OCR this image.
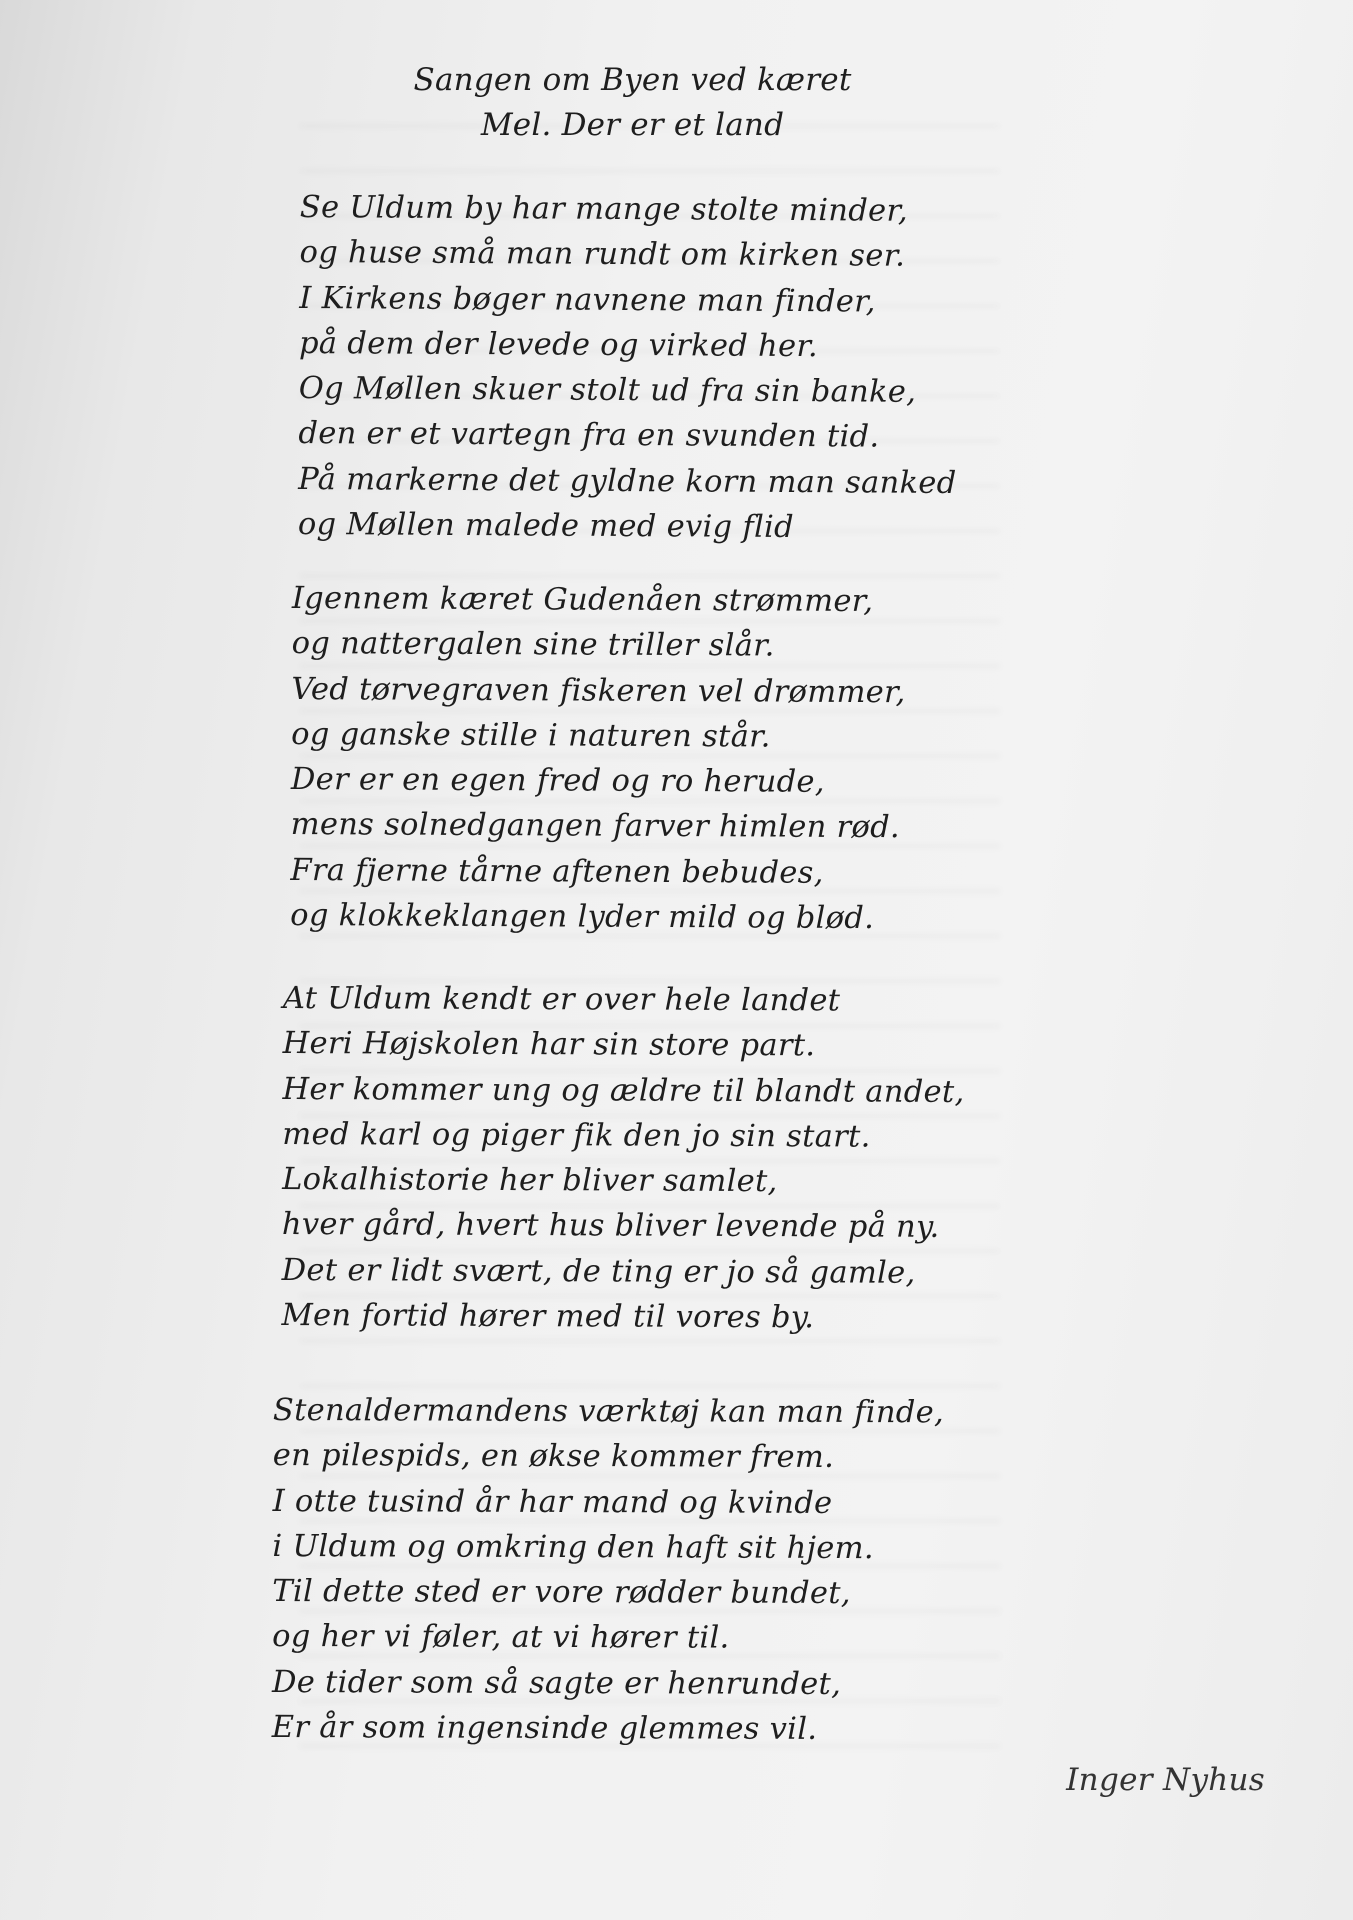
Sangen om Byen ved kæret
Mel. Der er et land
Se Uldum by har mange stolte minder,
og huse små man rundt om kirken ser.
I Kirkens bøger navnene man finder,
på dem der levede og virked her.
Og Møllen skuer stolt ud fra sin banke,
den er et vartegn fra en svunden tid.
På markerne det gyldne korn man sanked
og Møllen malede med evig flid
Igennem kæret Gudenåen strømmer,
og nattergalen sine triller slår.
Ved tørvegraven fiskeren vel drømmer,
og ganske stille i naturen står.
Der er en egen fred og ro herude,
mens solnedgangen farver himlen rød.
Fra fjerne tårne aftenen bebudes,
og klokkeklangen lyder mild og blød.
At Uldum kendt er over hele landet
Heri Højskolen har sin store part.
Her kommer ung og ældre til blandt andet,
med karl og piger fik den jo sin start.
Lokalhistorie her bliver samlet,
hver gård, hvert hus bliver levende på ny.
Det er lidt svært, de ting er jo så gamle,
Men fortid hører med til vores by.
Stenaldermandens værktøj kan man finde,
en pilespids, en økse kommer frem.
I otte tusind år har mand og kvinde
i Uldum og omkring den haft sit hjem.
Til dette sted er vore rødder bundet,
og her vi føler, at vi hører til.
De tider som så sagte er henrundet,
Er år som ingensinde glemmes vil.
Inger Nyhus
